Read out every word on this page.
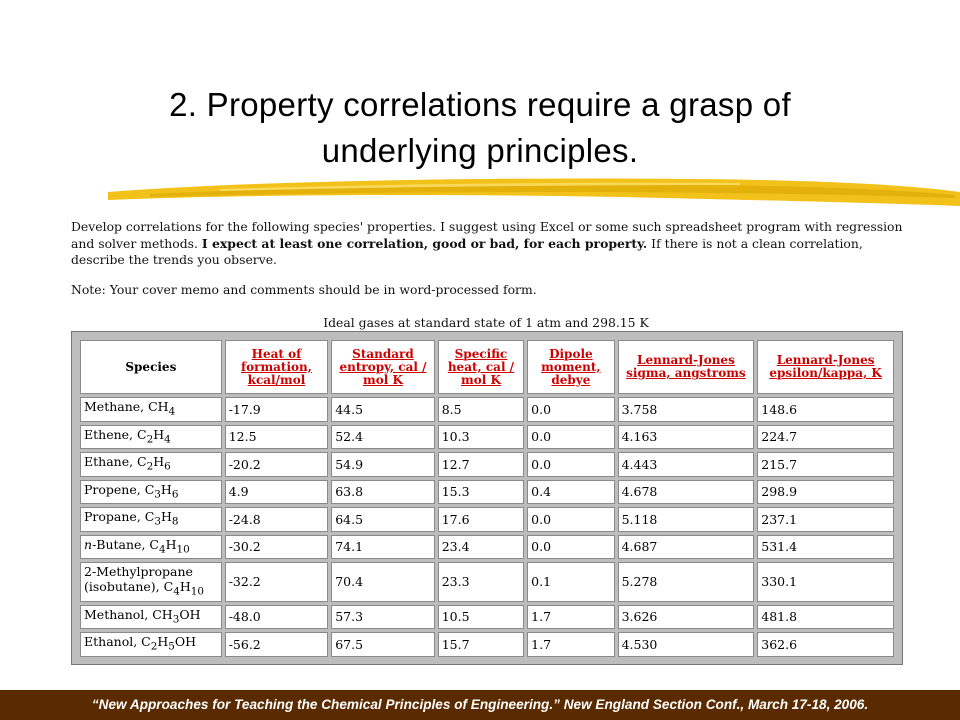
2. Property correlations require a grasp of
underlying principles.

Develop correlations for the following species' properties. I suggest using Excel or some such spreadsheet program with regression and solver methods. I expect at least one correlation, good or bad, for each property. If there is not a clean correlation, describe the trends you observe.

Note: Your cover memo and comments should be in word-processed form.

Ideal gases at standard state of 1 atm and 298.15 K
Species	Heat of formation, kcal/mol	Standard entropy, cal / mol K	Specific heat, cal / mol K	Dipole moment, debye	Lennard-Jones sigma, angstroms	Lennard-Jones epsilon/kappa, K
Methane, $CH_4$	-17.9	44.5	8.5	0.0	3.758	148.6
Ethene, $C_2H_4$	12.5	52.4	10.3	0.0	4.163	224.7
Ethane, $C_2H_6$	-20.2	54.9	12.7	0.0	4.443	215.7
Propene, $C_3H_6$	4.9	63.8	15.3	0.4	4.678	298.9
Propane, $C_3H_8$	-24.8	64.5	17.6	0.0	5.118	237.1
n-Butane, $C_4H_{10}$	-30.2	74.1	23.4	0.0	4.687	531.4
2-Methylpropane
(isobutane), $C_4H_{10}$	-32.2	70.4	23.3	0.1	5.278	330.1
Methanol, $CH_3OH$	-48.0	57.3	10.5	1.7	3.626	481.8
Ethanol, $C_2H_5OH$	-56.2	67.5	15.7	1.7	4.530	362.6
“New Approaches for Teaching the Chemical Principles of Engineering.” New England Section Conf., March 17-18, 2006.
